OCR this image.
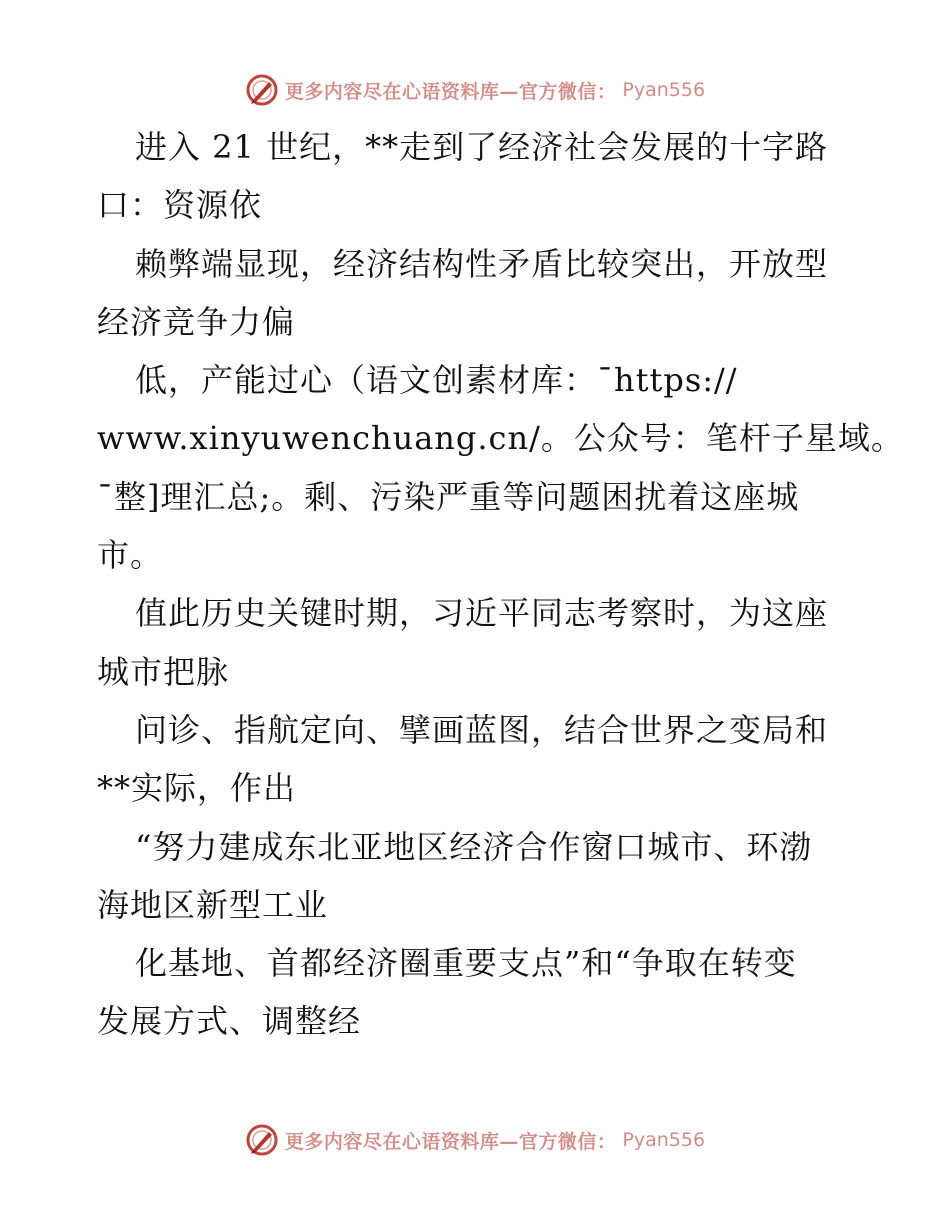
更多内容尽在心语资料库—官方微信： Pyan556
进入 21 世纪，**走到了经济社会发展的十字路
口：资源依
赖弊端显现，经济结构性矛盾比较突出，开放型
经济竞争力偏
低，产能过心（语文创素材库：¯https://
www.xinyuwenchuang.cn/。公众号：笔杆子星域。
¯整]理汇总;。剩、污染严重等问题困扰着这座城
市。
值此历史关键时期，习近平同志考察时，为这座
城市把脉
问诊、指航定向、擘画蓝图，结合世界之变局和
**实际，作出
“努力建成东北亚地区经济合作窗口城市、环渤
海地区新型工业
化基地、首都经济圈重要支点”和“争取在转变
发展方式、调整经
更多内容尽在心语资料库—官方微信： Pyan556
